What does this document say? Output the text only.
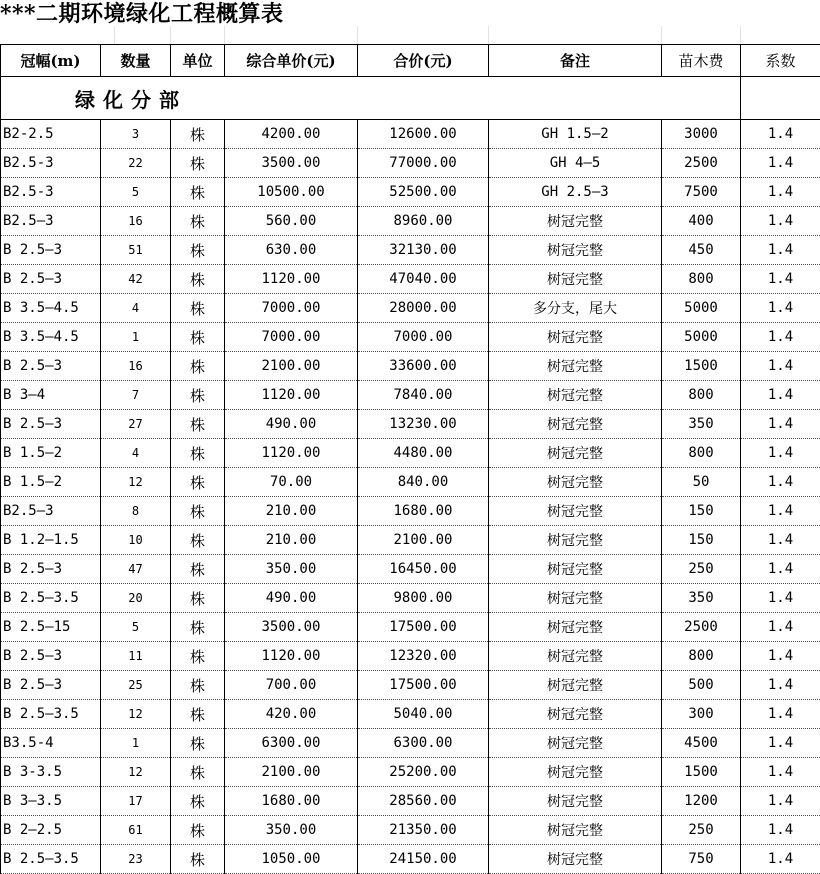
***二期环境绿化工程概算表
冠幅(m)	数量	单位	综合单价(元)	合价(元)	备注	苗木费	系数
绿化分部							
B2-2.5	3	株	4200.00	12600.00	GH 1.5—2	3000	1.4
B2.5-3	22	株	3500.00	77000.00	GH 4—5	2500	1.4
B2.5-3	5	株	10500.00	52500.00	GH 2.5—3	7500	1.4
B2.5—3	16	株	560.00	8960.00	树冠完整	400	1.4
B 2.5—3	51	株	630.00	32130.00	树冠完整	450	1.4
B 2.5—3	42	株	1120.00	47040.00	树冠完整	800	1.4
B 3.5—4.5	4	株	7000.00	28000.00	多分支，尾大	5000	1.4
B 3.5—4.5	1	株	7000.00	7000.00	树冠完整	5000	1.4
B 2.5—3	16	株	2100.00	33600.00	树冠完整	1500	1.4
B 3—4	7	株	1120.00	7840.00	树冠完整	800	1.4
B 2.5—3	27	株	490.00	13230.00	树冠完整	350	1.4
B 1.5—2	4	株	1120.00	4480.00	树冠完整	800	1.4
B 1.5—2	12	株	70.00	840.00	树冠完整	50	1.4
B2.5—3	8	株	210.00	1680.00	树冠完整	150	1.4
B 1.2—1.5	10	株	210.00	2100.00	树冠完整	150	1.4
B 2.5—3	47	株	350.00	16450.00	树冠完整	250	1.4
B 2.5—3.5	20	株	490.00	9800.00	树冠完整	350	1.4
B 2.5—15	5	株	3500.00	17500.00	树冠完整	2500	1.4
B 2.5—3	11	株	1120.00	12320.00	树冠完整	800	1.4
B 2.5—3	25	株	700.00	17500.00	树冠完整	500	1.4
B 2.5—3.5	12	株	420.00	5040.00	树冠完整	300	1.4
B3.5-4	1	株	6300.00	6300.00	树冠完整	4500	1.4
B 3-3.5	12	株	2100.00	25200.00	树冠完整	1500	1.4
B 3—3.5	17	株	1680.00	28560.00	树冠完整	1200	1.4
B 2—2.5	61	株	350.00	21350.00	树冠完整	250	1.4
B 2.5—3.5	23	株	1050.00	24150.00	树冠完整	750	1.4
